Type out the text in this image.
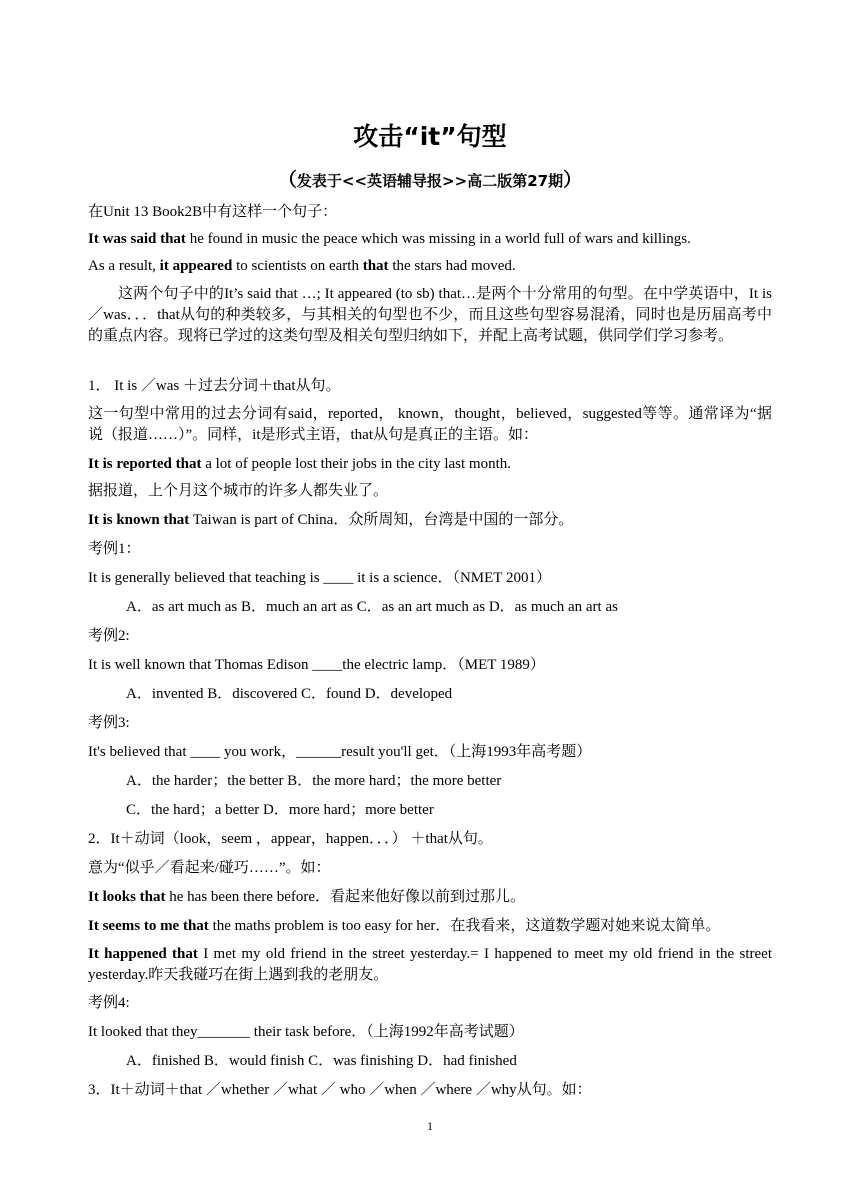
攻击“it”句型
（发表于<<英语辅导报>>高二版第27期）
在Unit 13 Book2B中有这样一个句子：
It was said that he found in music the peace which was missing in a world full of wars and killings.
As a result, it appeared to scientists on earth that the stars had moved.
这两个句子中的It’s said that …; It appeared (to sb) that…是两个十分常用的句型。在中学英语中，It is ／was．．．that从句的种类较多，与其相关的句型也不少，而且这些句型容易混淆，同时也是历届高考中的重点内容。现将已学过的这类句型及相关句型归纳如下，并配上高考试题，供同学们学习参考。
1． It is ／was ＋过去分词＋that从句。
这一句型中常用的过去分词有said，reported， known，thought，believed，suggested等等。通常译为“据说（报道……）”。同样，it是形式主语，that从句是真正的主语。如：
It is reported that a lot of people lost their jobs in the city last month.
据报道，上个月这个城市的许多人都失业了。
It is known that Taiwan is part of China．众所周知，台湾是中国的一部分。
考例1：
It is generally believed that teaching is ____ it is a science．（NMET 2001）
A．as art much as B．much an art as C．as an art much as D．as much an art as
考例2:
It is well known that Thomas Edison ____the electric lamp．（MET 1989）
A．invented B．discovered C．found D．developed
考例3:
It's believed that ____ you work，______result you'll get．（上海1993年高考题）
A．the harder；the better B．the more hard；the more better
C．the hard；a better D．more hard；more better
2．It＋动词（look，seem ，appear，happen．．．） ＋that从句。
意为“似乎／看起来/碰巧……”。如：
It looks that he has been there before．看起来他好像以前到过那儿。
It seems to me that the maths problem is too easy for her．在我看来，这道数学题对她来说太简单。
It happened that I met my old friend in the street yesterday.= I happened to meet my old friend in the street yesterday.昨天我碰巧在街上遇到我的老朋友。
考例4:
It looked that they_______ their task before．（上海1992年高考试题）
A．finished B．would finish C．was finishing D．had finished
3．It＋动词＋that ／whether ／what ／ who ／when ／where ／why从句。如：
1
